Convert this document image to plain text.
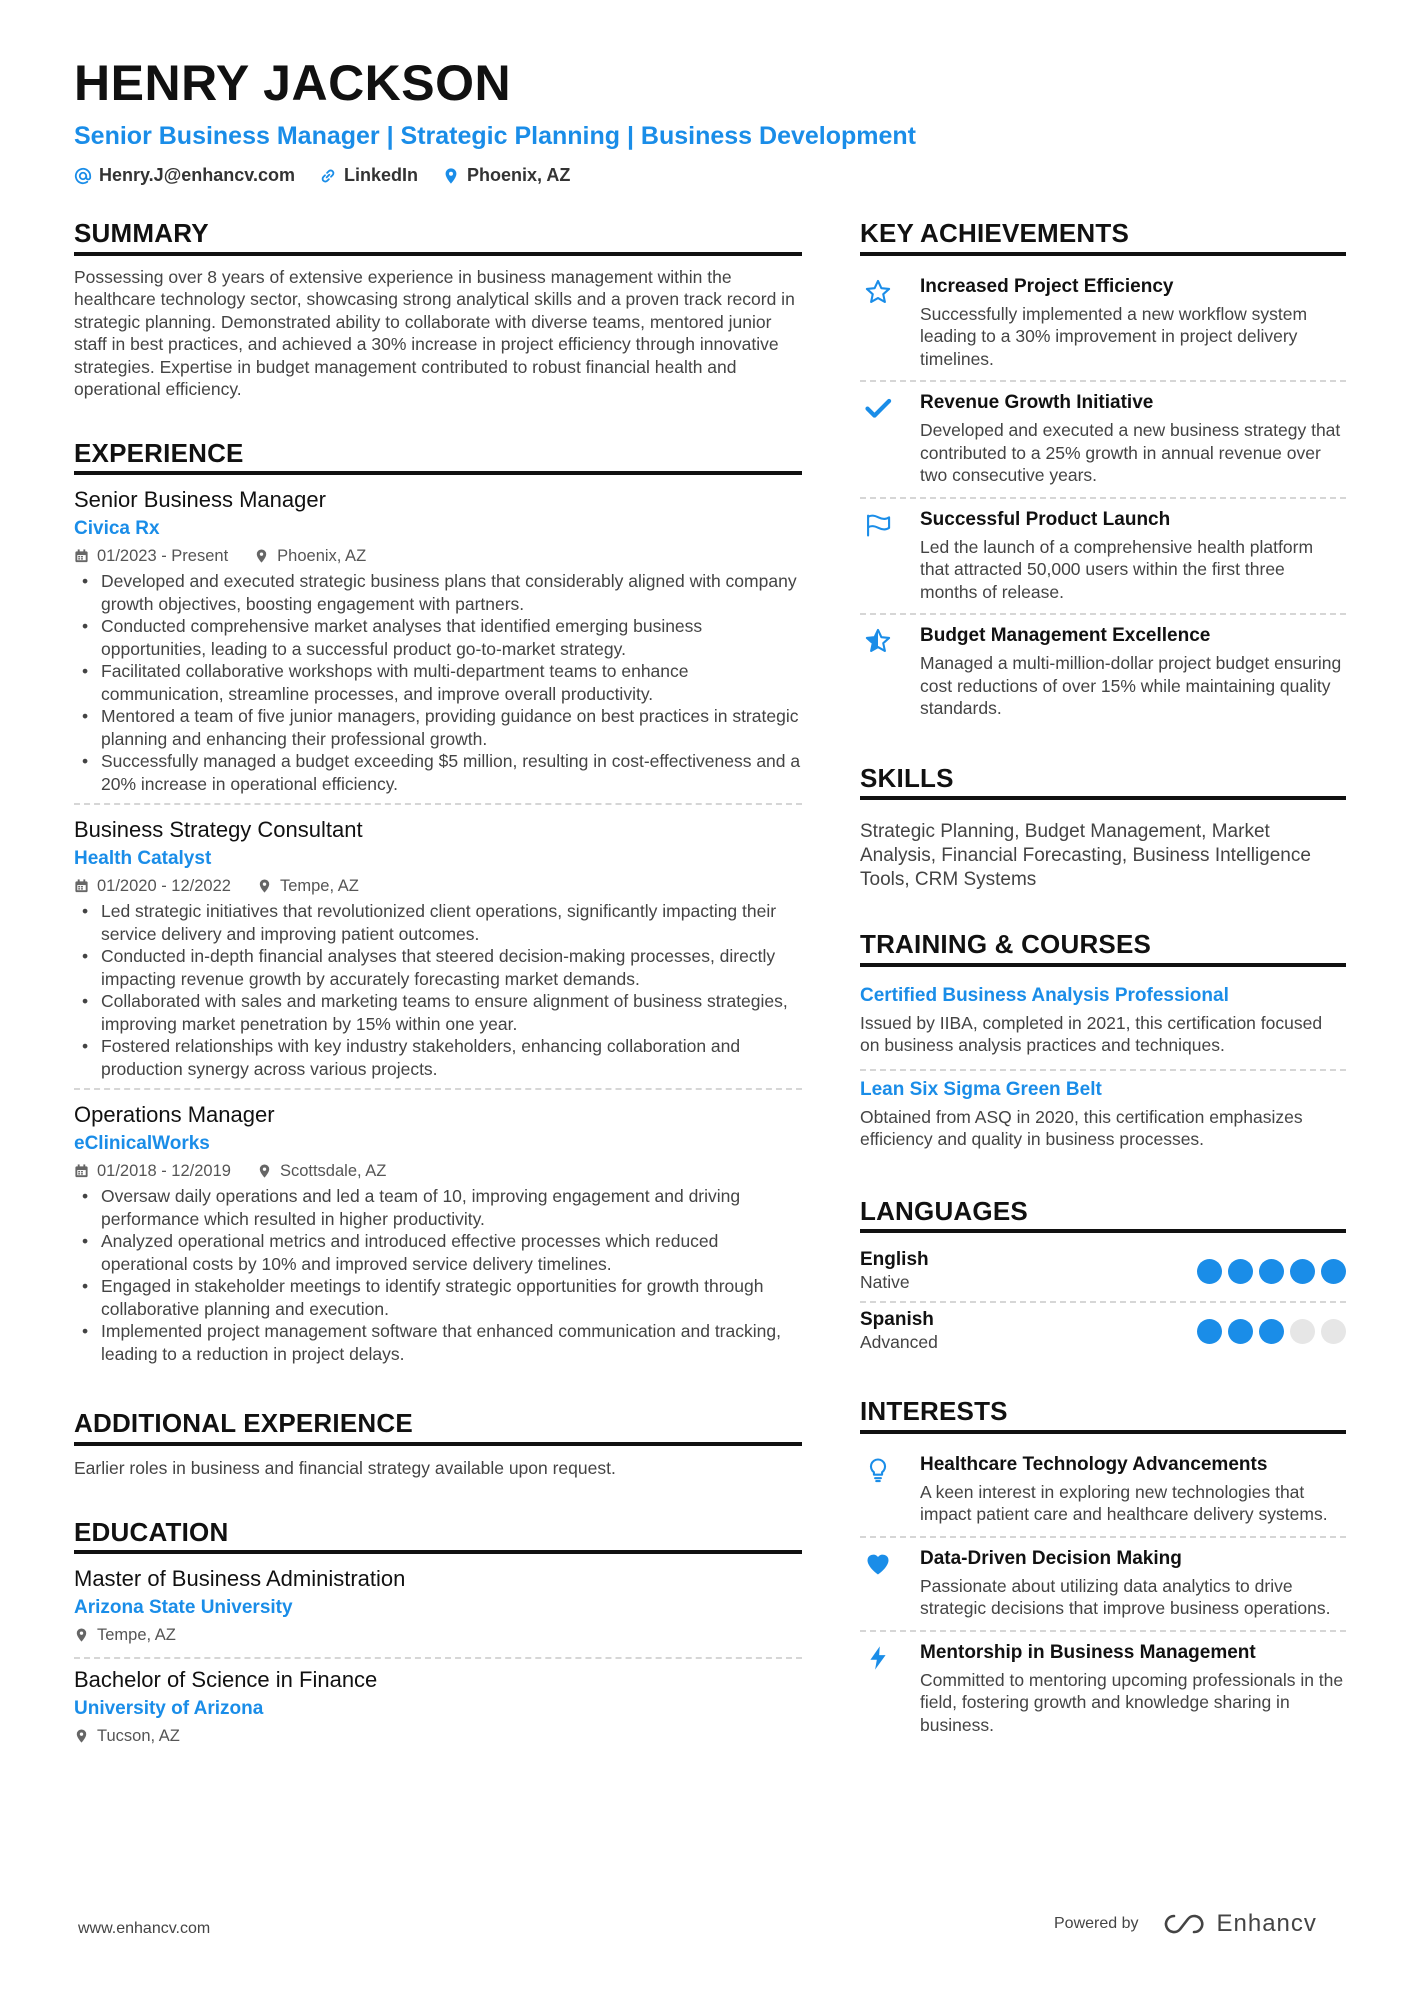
HENRY JACKSON
Senior Business Manager | Strategic Planning | Business Development
Henry.J@enhancv.com	LinkedIn	Phoenix, AZ
SUMMARY
Possessing over 8 years of extensive experience in business management within the healthcare technology sector, showcasing strong analytical skills and a proven track record in strategic planning. Demonstrated ability to collaborate with diverse teams, mentored junior staff in best practices, and achieved a 30% increase in project efficiency through innovative strategies. Expertise in budget management contributed to robust financial health and operational efficiency.
EXPERIENCE
Senior Business Manager
Civica Rx
01/2023 - Present	Phoenix, AZ
• Developed and executed strategic business plans that considerably aligned with company growth objectives, boosting engagement with partners.
• Conducted comprehensive market analyses that identified emerging business opportunities, leading to a successful product go-to-market strategy.
• Facilitated collaborative workshops with multi-department teams to enhance communication, streamline processes, and improve overall productivity.
• Mentored a team of five junior managers, providing guidance on best practices in strategic planning and enhancing their professional growth.
• Successfully managed a budget exceeding $5 million, resulting in cost-effectiveness and a 20% increase in operational efficiency.
Business Strategy Consultant
Health Catalyst
01/2020 - 12/2022	Tempe, AZ
• Led strategic initiatives that revolutionized client operations, significantly impacting their service delivery and improving patient outcomes.
• Conducted in-depth financial analyses that steered decision-making processes, directly impacting revenue growth by accurately forecasting market demands.
• Collaborated with sales and marketing teams to ensure alignment of business strategies, improving market penetration by 15% within one year.
• Fostered relationships with key industry stakeholders, enhancing collaboration and production synergy across various projects.
Operations Manager
eClinicalWorks
01/2018 - 12/2019	Scottsdale, AZ
• Oversaw daily operations and led a team of 10, improving engagement and driving performance which resulted in higher productivity.
• Analyzed operational metrics and introduced effective processes which reduced operational costs by 10% and improved service delivery timelines.
• Engaged in stakeholder meetings to identify strategic opportunities for growth through collaborative planning and execution.
• Implemented project management software that enhanced communication and tracking, leading to a reduction in project delays.
ADDITIONAL EXPERIENCE
Earlier roles in business and financial strategy available upon request.
EDUCATION
Master of Business Administration
Arizona State University
Tempe, AZ
Bachelor of Science in Finance
University of Arizona
Tucson, AZ
KEY ACHIEVEMENTS
Increased Project Efficiency
Successfully implemented a new workflow system leading to a 30% improvement in project delivery timelines.
Revenue Growth Initiative
Developed and executed a new business strategy that contributed to a 25% growth in annual revenue over two consecutive years.
Successful Product Launch
Led the launch of a comprehensive health platform that attracted 50,000 users within the first three months of release.
Budget Management Excellence
Managed a multi-million-dollar project budget ensuring cost reductions of over 15% while maintaining quality standards.
SKILLS
Strategic Planning, Budget Management, Market Analysis, Financial Forecasting, Business Intelligence Tools, CRM Systems
TRAINING & COURSES
Certified Business Analysis Professional
Issued by IIBA, completed in 2021, this certification focused on business analysis practices and techniques.
Lean Six Sigma Green Belt
Obtained from ASQ in 2020, this certification emphasizes efficiency and quality in business processes.
LANGUAGES
English
Native
Spanish
Advanced
INTERESTS
Healthcare Technology Advancements
A keen interest in exploring new technologies that impact patient care and healthcare delivery systems.
Data-Driven Decision Making
Passionate about utilizing data analytics to drive strategic decisions that improve business operations.
Mentorship in Business Management
Committed to mentoring upcoming professionals in the field, fostering growth and knowledge sharing in business.
www.enhancv.com	Powered by	Enhancv
